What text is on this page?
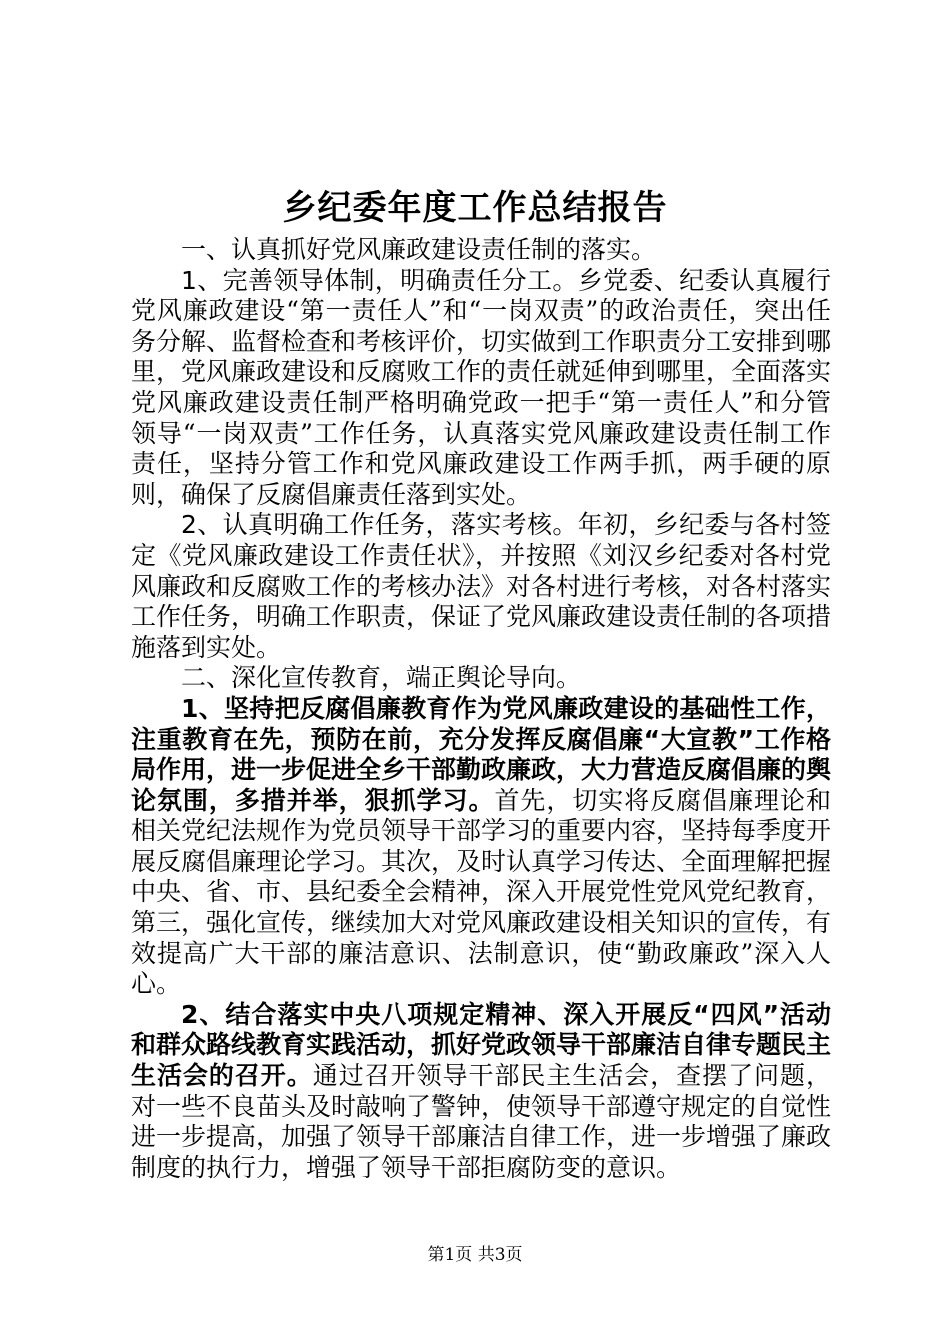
乡纪委年度工作总结报告

一、认真抓好党风廉政建设责任制的落实。

1、完善领导体制，明确责任分工。乡党委、纪委认真履行党风廉政建设“第一责任人”和“一岗双责”的政治责任，突出任务分解、监督检查和考核评价，切实做到工作职责分工安排到哪里，党风廉政建设和反腐败工作的责任就延伸到哪里，全面落实党风廉政建设责任制严格明确党政一把手“第一责任人”和分管领导“一岗双责”工作任务，认真落实党风廉政建设责任制工作责任，坚持分管工作和党风廉政建设工作两手抓，两手硬的原则，确保了反腐倡廉责任落到实处。

2、认真明确工作任务，落实考核。年初，乡纪委与各村签定《党风廉政建设工作责任状》，并按照《刘汉乡纪委对各村党风廉政和反腐败工作的考核办法》对各村进行考核，对各村落实工作任务，明确工作职责，保证了党风廉政建设责任制的各项措施落到实处。

二、深化宣传教育，端正舆论导向。

1、坚持把反腐倡廉教育作为党风廉政建设的基础性工作，注重教育在先，预防在前，充分发挥反腐倡廉“大宣教”工作格局作用，进一步促进全乡干部勤政廉政，大力营造反腐倡廉的舆论氛围，多措并举，狠抓学习。首先，切实将反腐倡廉理论和相关党纪法规作为党员领导干部学习的重要内容，坚持每季度开展反腐倡廉理论学习。其次，及时认真学习传达、全面理解把握中央、省、市、县纪委全会精神，深入开展党性党风党纪教育，第三，强化宣传，继续加大对党风廉政建设相关知识的宣传，有效提高广大干部的廉洁意识、法制意识，使“勤政廉政”深入人心。

2、结合落实中央八项规定精神、深入开展反“四风”活动和群众路线教育实践活动，抓好党政领导干部廉洁自律专题民主生活会的召开。通过召开领导干部民主生活会，查摆了问题，对一些不良苗头及时敲响了警钟，使领导干部遵守规定的自觉性进一步提高，加强了领导干部廉洁自律工作，进一步增强了廉政制度的执行力，增强了领导干部拒腐防变的意识。

第1页 共3页
